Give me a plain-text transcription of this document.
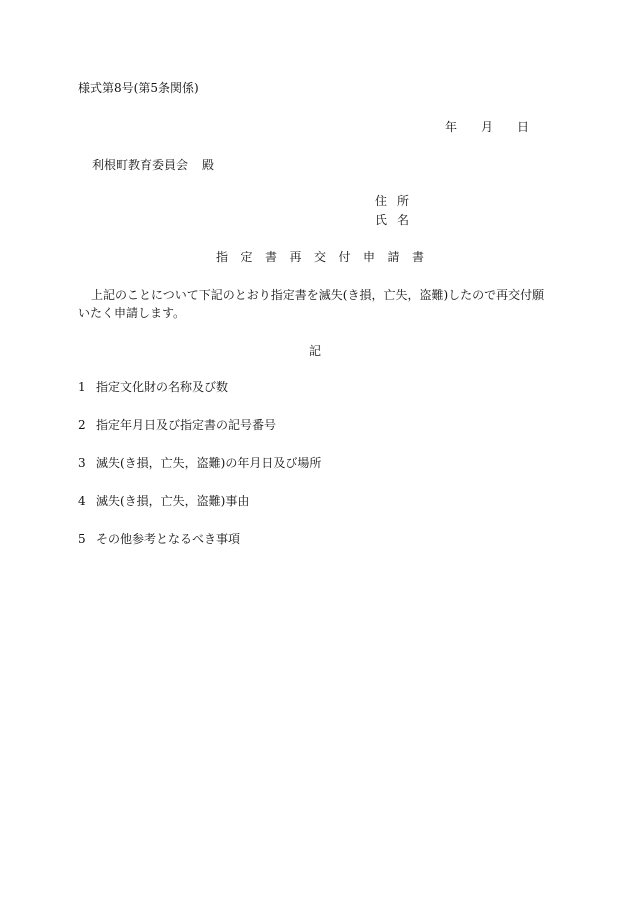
様式第8号(第5条関係)
年 月 日
利根町教育委員会 殿
住 所
氏 名
指 定 書 再 交 付 申 請 書
上記のことについて下記のとおり指定書を滅失(き損，亡失，盗難)したので再交付願いたく申請します。
記
1 指定文化財の名称及び数
2 指定年月日及び指定書の記号番号
3 滅失(き損，亡失，盗難)の年月日及び場所
4 滅失(き損，亡失，盗難)事由
5 その他参考となるべき事項
